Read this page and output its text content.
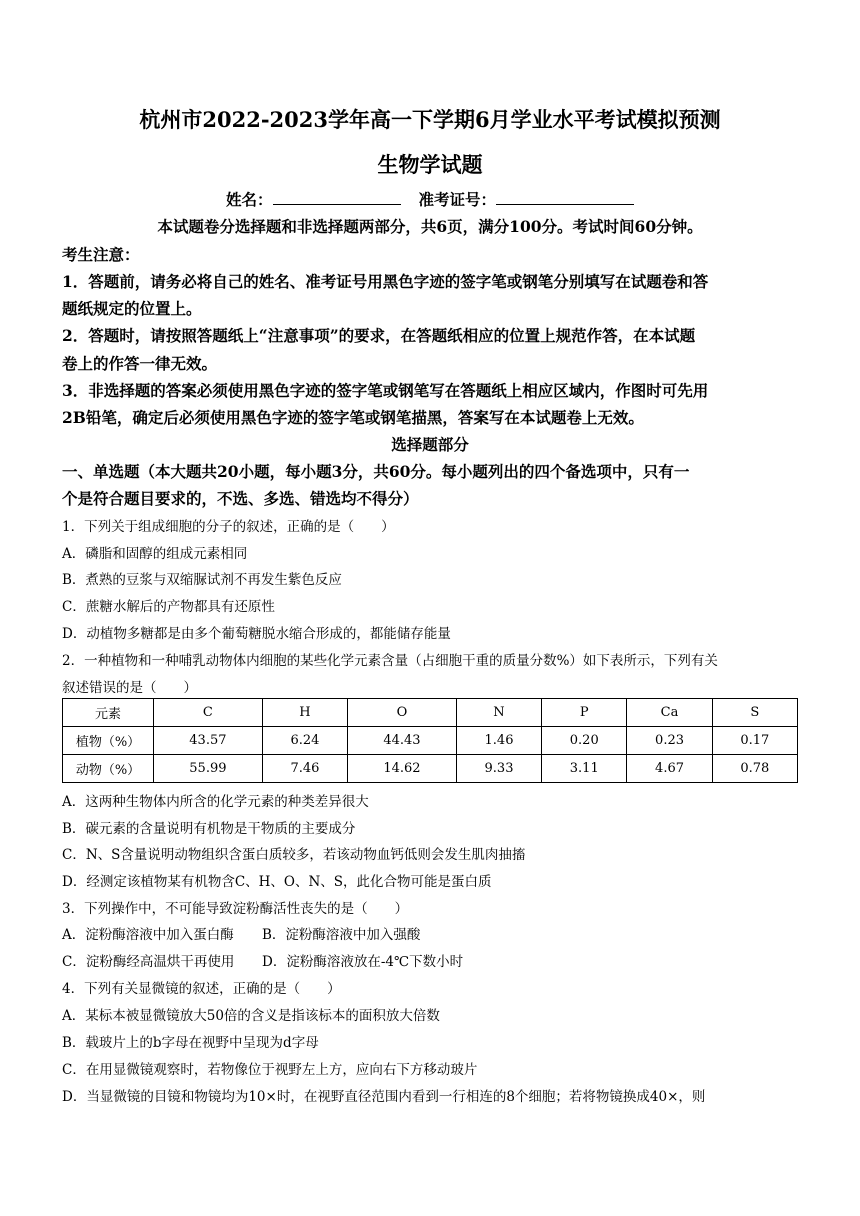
杭州市2022-2023学年高一下学期6月学业水平考试模拟预测
生物学试题
姓名：	准考证号：
本试题卷分选择题和非选择题两部分，共6页，满分100分。考试时间60分钟。
考生注意：
1．答题前，请务必将自己的姓名、准考证号用黑色字迹的签字笔或钢笔分别填写在试题卷和答
题纸规定的位置上。
2．答题时，请按照答题纸上“注意事项”的要求，在答题纸相应的位置上规范作答，在本试题
卷上的作答一律无效。
3．非选择题的答案必须使用黑色字迹的签字笔或钢笔写在答题纸上相应区域内，作图时可先用
2B铅笔，确定后必须使用黑色字迹的签字笔或钢笔描黑，答案写在本试题卷上无效。
选择题部分
一、单选题（本大题共20小题，每小题3分，共60分。每小题列出的四个备选项中，只有一
个是符合题目要求的，不选、多选、错选均不得分）
1．下列关于组成细胞的分子的叙述，正确的是（　　）
A．磷脂和固醇的组成元素相同
B．煮熟的豆浆与双缩脲试剂不再发生紫色反应
C．蔗糖水解后的产物都具有还原性
D．动植物多糖都是由多个葡萄糖脱水缩合形成的，都能储存能量
2．一种植物和一种哺乳动物体内细胞的某些化学元素含量（占细胞干重的质量分数%）如下表所示，下列有关
叙述错误的是（　　）
元素	C	H	O	N	P	Ca	S
植物（%）	43.57	6.24	44.43	1.46	0.20	0.23	0.17
动物（%）	55.99	7.46	14.62	9.33	3.11	4.67	0.78
A．这两种生物体内所含的化学元素的种类差异很大
B．碳元素的含量说明有机物是干物质的主要成分
C．N、S含量说明动物组织含蛋白质较多，若该动物血钙低则会发生肌肉抽搐
D．经测定该植物某有机物含C、H、O、N、S，此化合物可能是蛋白质
3．下列操作中，不可能导致淀粉酶活性丧失的是（　　）
A．淀粉酶溶液中加入蛋白酶 B．淀粉酶溶液中加入强酸
C．淀粉酶经高温烘干再使用 D．淀粉酶溶液放在-4℃下数小时
4．下列有关显微镜的叙述，正确的是（　　）
A．某标本被显微镜放大50倍的含义是指该标本的面积放大倍数
B．载玻片上的b字母在视野中呈现为d字母
C．在用显微镜观察时，若物像位于视野左上方，应向右下方移动玻片
D．当显微镜的目镜和物镜均为10×时，在视野直径范围内看到一行相连的8个细胞；若将物镜换成40×，则
